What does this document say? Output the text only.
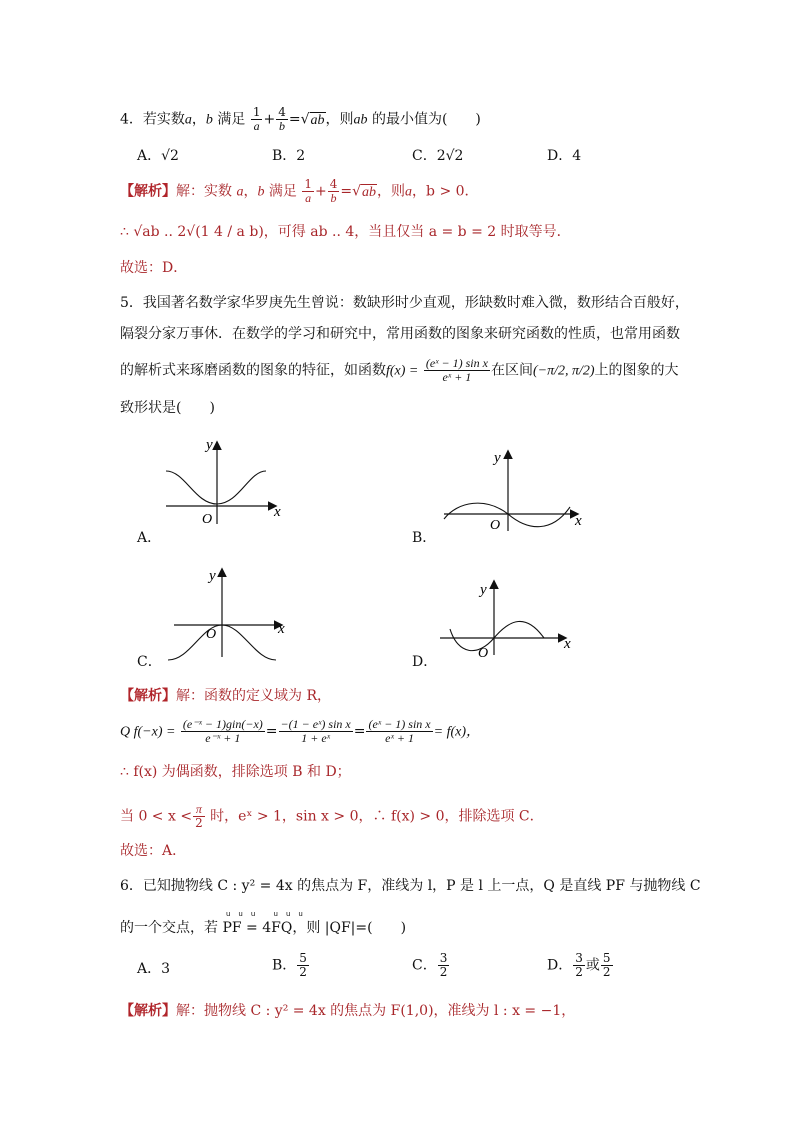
4．若实数a，b 满足 $\frac{1}{a} + \frac{4}{b} =√ab$，则ab 的最小值为(　　)
A．√2	B．2	C．2√2	D．4
【解析】解：实数 a，b 满足 $\frac{1}{a} + \frac{4}{b} =√ab$，则a，b > 0．
∴ √ab .. 2√(1 4 / a b)，可得 ab .. 4，当且仅当 a = b = 2 时取等号．
故选：D．
5．我国著名数学家华罗庚先生曾说：数缺形时少直观，形缺数时难入微，数形结合百般好，
隔裂分家万事休．在数学的学习和研究中，常用函数的图象来研究函数的性质，也常用函数
的解析式来琢磨函数的图象的特征，如函数$f(x) = \frac{\text{(eˣ − 1) sin x}}{\text{eˣ + 1}}$ 在区间(−π/2, π/2)上的图象的大
致形状是(　　)
y
x
O
A．
y
x
O
B．
y
x
O
C．
y
x
O
D．
【解析】解：函数的定义域为 R，
Q $f(-x) = \frac{\text{(e⁻ˣ − 1)gin(−x)}}{\text{e⁻ˣ + 1}} = \frac{\text{−(1 − eˣ) sin x}}{\text{1 + eˣ}} = \frac{\text{(eˣ − 1) sin x}}{\text{eˣ + 1}} = f(x)$，
∴ f(x) 为偶函数，排除选项 B 和 D；
当 $0 < x < \frac{\pi}{2}$ 时，eˣ > 1，sin x > 0，∴ f(x) > 0，排除选项 C．
故选：A．
6．已知抛物线 C : y² = 4x 的焦点为 F，准线为 l，P 是 l 上一点，Q 是直线 PF 与抛物线 C
uuu uuu
的一个交点，若 PF = 4FQ，则 |QF|=(　　)
A．3	B． $\frac{5}{2}$	C． $\frac{3}{2}$	D． $\frac{3}{2}$ 或 $\frac{5}{2}$
【解析】解：抛物线 C : y² = 4x 的焦点为 F(1,0)，准线为 l : x = −1，
